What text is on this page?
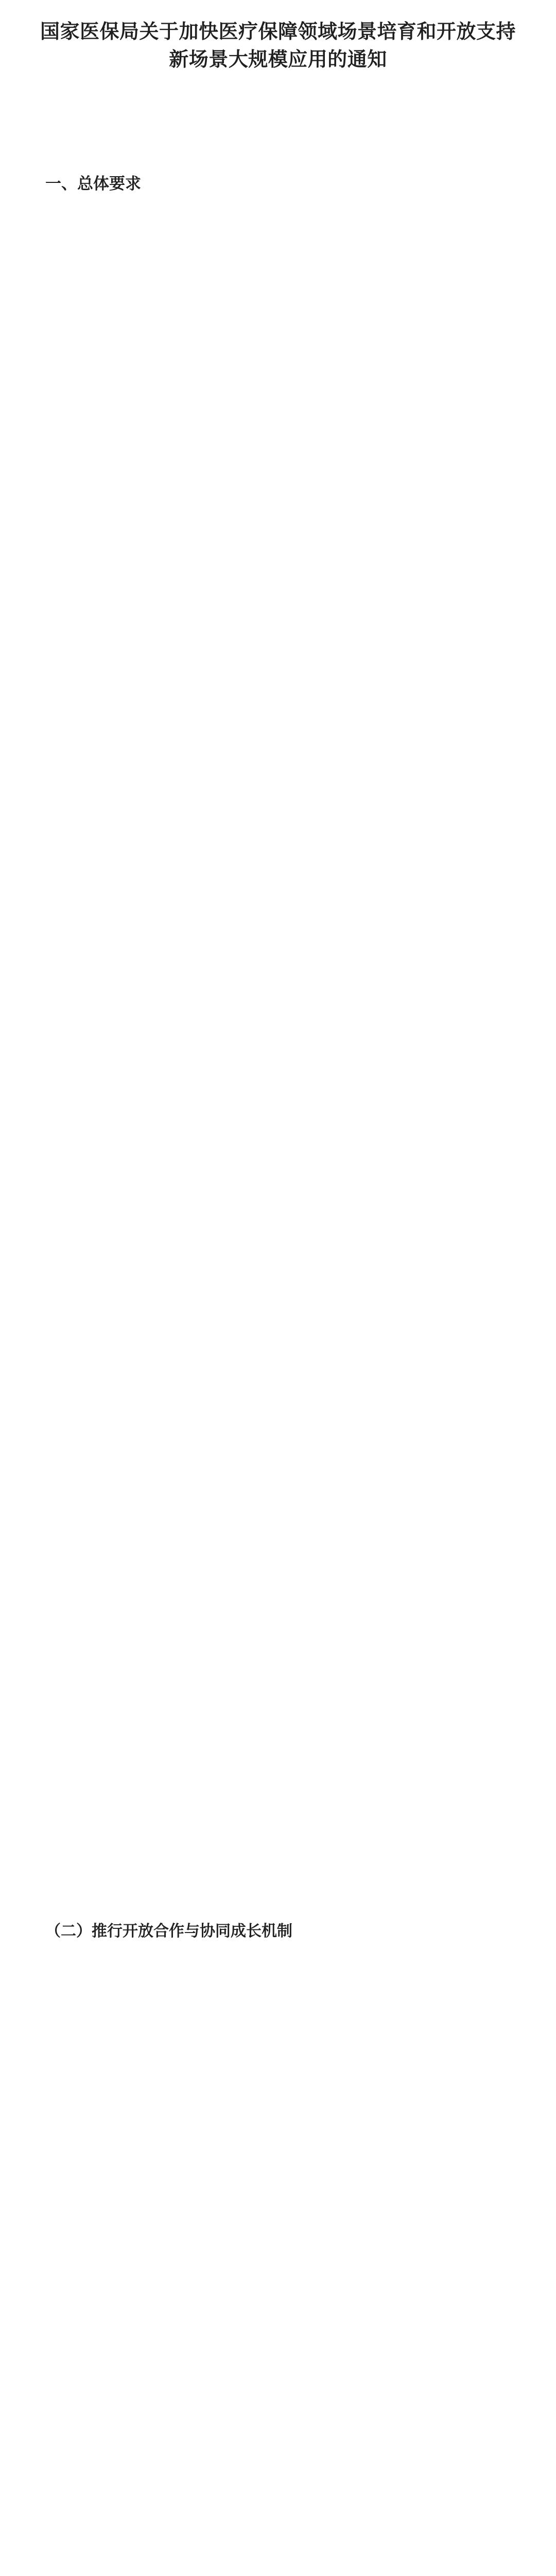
国家医保局关于加快医疗保障领域场景培育和开放支持新场景大规模应用的通知
一、总体要求
（二）推行开放合作与协同成长机制
